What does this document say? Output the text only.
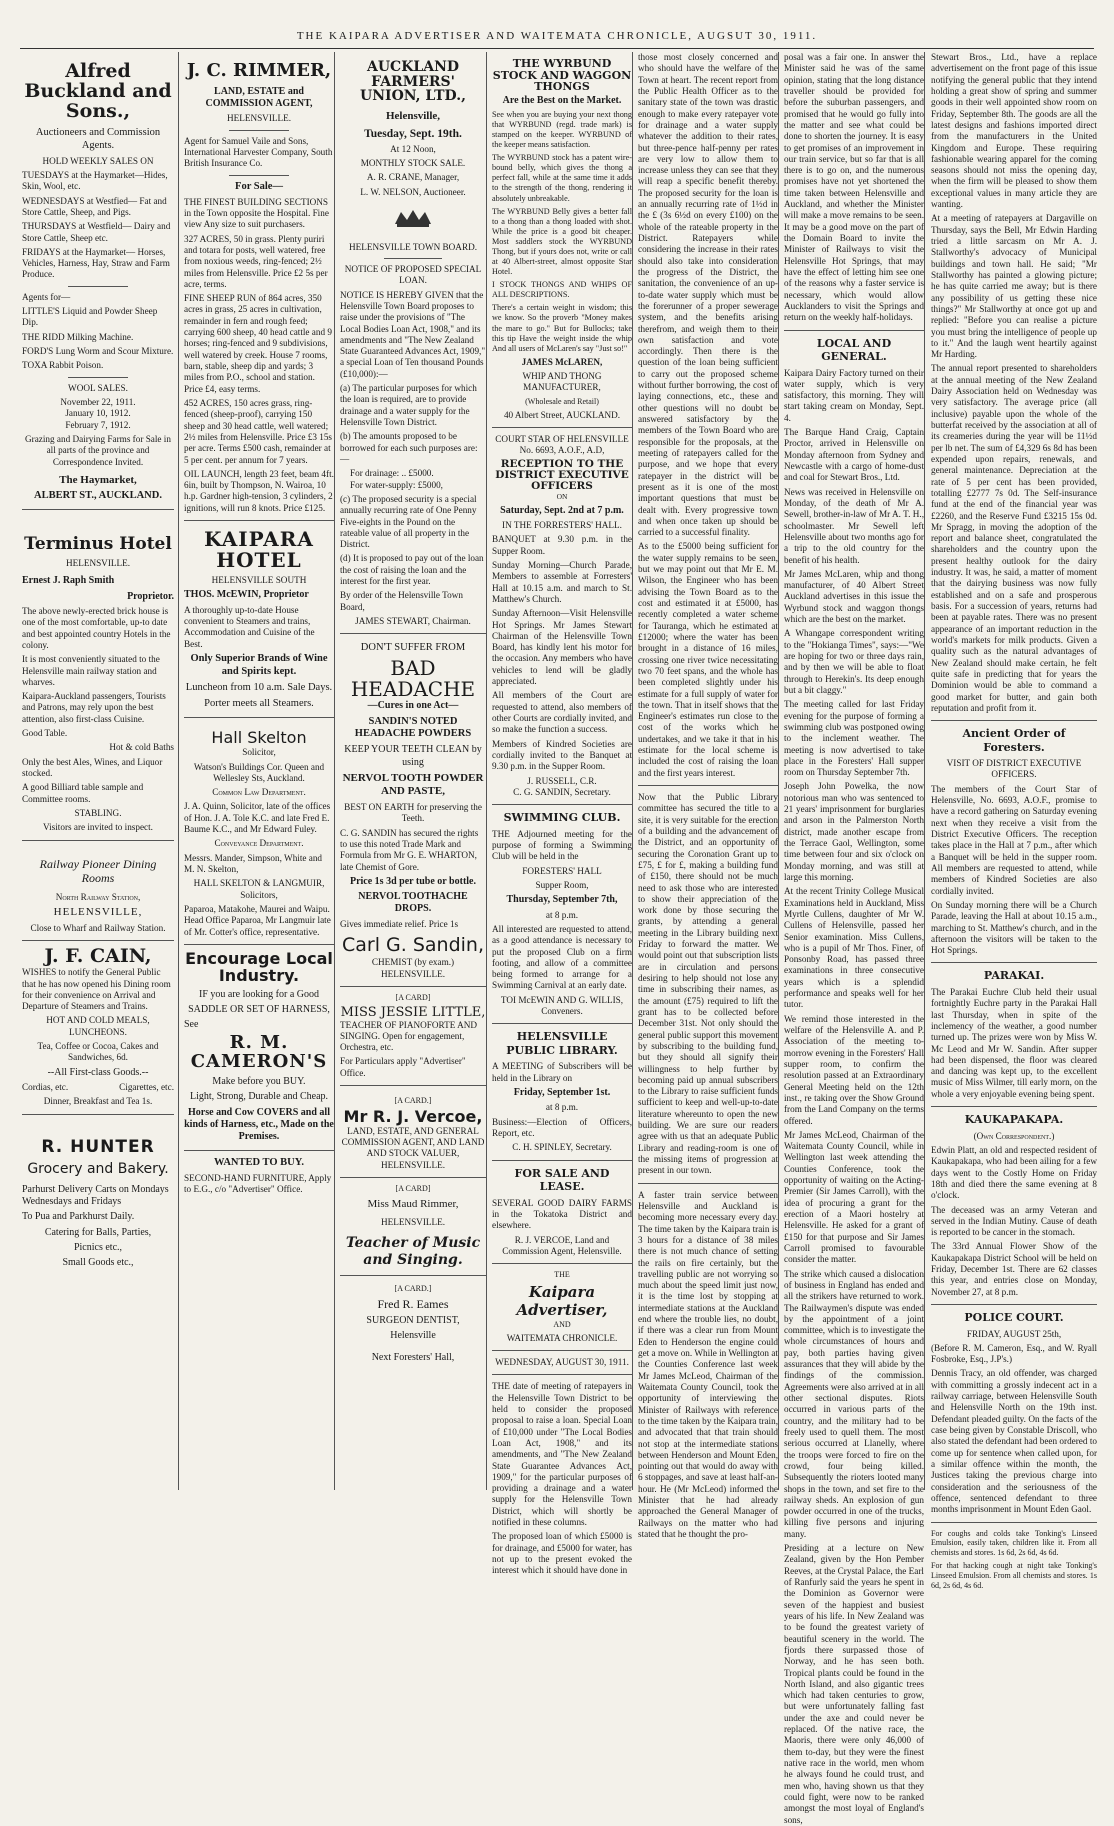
THE KAIPARA ADVERTISER AND WAITEMATA CHRONICLE, AUGSUT 30, 1911.
Alfred Buckland and Sons.,

Auctioneers and Commission Agents.

HOLD WEEKLY SALES ON

TUESDAYS at the Haymarket—Hides, Skin, Wool, etc.

WEDNESDAYS at Westfied— Fat and Store Cattle, Sheep, and Pigs.

THURSDAYS at Westfield— Dairy and Store Cattle, Sheep etc.

FRIDAYS at the Haymarket— Horses, Vehicles, Harness, Hay, Straw and Farm Produce.

Agents for—

LITTLE'S Liquid and Powder Sheep Dip.

THE RIDD Milking Machine.

FORD'S Lung Worm and Scour Mixture.

TOXA Rabbit Poison.

WOOL SALES.

November 22, 1911.

January 10, 1912.

February 7, 1912.

Grazing and Dairying Farms for Sale in all parts of the province and Correspondence Invited.

The Haymarket,

ALBERT ST., AUCKLAND.

Terminus Hotel

HELENSVILLE.

Ernest J. Raph Smith

Proprietor.

The above newly-erected brick house is one of the most comfortable, up-to date and best appointed country Hotels in the colony.

It is most conveniently situated to the Helensville main railway station and wharves.

Kaipara-Auckland passengers, Tourists and Patrons, may rely upon the best attention, also first-class Cuisine.

Good Table.

Hot & cold Baths

Only the best Ales, Wines, and Liquor stocked.

A good Billiard table sample and Committee rooms.

STABLING.

Visitors are invited to inspect.

Railway Pioneer Dining Rooms

North Railway Station,

HELENSVILLE,

Close to Wharf and Railway Station.

J. F. CAIN,

WISHES to notify the General Public that he has now opened his Dining room for their convenience on Arrival and Departure of Steamers and Trains.

HOT AND COLD MEALS, LUNCHEONS.

Tea, Coffee or Cocoa, Cakes and Sandwiches, 6d.

--All First-class Goods.--

Cordias, etc.	Cigarettes, etc.

Dinner, Breakfast and Tea 1s.

R. HUNTER
Grocery and Bakery.

Parhurst Delivery Carts on Mondays Wednesdays and Fridays

To Pua and Parkhurst Daily.

Catering for Balls, Parties,

Picnics etc.,

Small Goods etc.,

J. C. RIMMER,

LAND, ESTATE and COMMISSION AGENT,

HELENSVILLE.

Agent for Samuel Vaile and Sons, International Harvester Company, South British Insurance Co.

For Sale—

THE FINEST BUILDING SECTIONS in the Town opposite the Hospital. Fine view Any size to suit purchasers.

327 ACRES, 50 in grass. Plenty puriri and totara for posts, well watered, free from noxious weeds, ring-fenced; 2½ miles from Helensville. Price £2 5s per acre, terms.

FINE SHEEP RUN of 864 acres, 350 acres in grass, 25 acres in cultivation, remainder in fern and rough feed; carrying 600 sheep, 40 head cattle and 9 horses; ring-fenced and 9 subdivisions, well watered by creek. House 7 rooms, barn, stable, sheep dip and yards; 3 miles from P.O., school and station. Price £4, easy terms.

452 ACRES, 150 acres grass, ring-fenced (sheep-proof), carrying 150 sheep and 30 head cattle, well watered; 2½ miles from Helensville. Price £3 15s per acre. Terms £500 cash, remainder at 5 per cent. per annum for 7 years.

OIL LAUNCH, length 23 feet, beam 4ft. 6in, built by Thompson, N. Wairoa, 10 h.p. Gardner high-tension, 3 cylinders, 2 ignitions, will run 8 knots. Price £125.

KAIPARA HOTEL

HELENSVILLE SOUTH

THOS. McEWIN, Proprietor

A thoroughly up-to-date House convenient to Steamers and trains, Accommodation and Cuisine of the Best.

Only Superior Brands of Wine and Spirits kept.

Luncheon from 10 a.m. Sale Days.

Porter meets all Steamers.

Hall Skelton

Solicitor,

Watson's Buildings Cor. Queen and Wellesley Sts, Auckland.

Common Law Department.

J. A. Quinn, Solicitor, late of the offices of Hon. J. A. Tole K.C. and late Fred E. Baume K.C., and Mr Edward Fuley.

Conveyance Department.

Messrs. Mander, Simpson, White and M. N. Skelton,

HALL SKELTON & LANGMUIR, Solicitors,

Paparoa, Matakohe, Maurei and Waipu. Head Office Paparoa, Mr Langmuir late of Mr. Cotter's office, representative.

Encourage Local Industry.

IF you are looking for a Good

SADDLE OR SET OF HARNESS,

See

R. M. CAMERON'S

Make before you BUY.

Light, Strong, Durable and Cheap.

Horse and Cow COVERS and all kinds of Harness, etc., Made on the Premises.

WANTED TO BUY.

SECOND-HAND FURNITURE, Apply to E.G., c/o "Advertiser" Office.

AUCKLAND FARMERS' UNION, LTD.,

Helensville,

Tuesday, Sept. 19th.

At 12 Noon,

MONTHLY STOCK SALE.

A. R. CRANE, Manager,

L. W. NELSON, Auctioneer.

HELENSVILLE TOWN BOARD.

NOTICE OF PROPOSED SPECIAL LOAN.

NOTICE IS HEREBY GIVEN that the Helensville Town Board proposes to raise under the provisions of "The Local Bodies Loan Act, 1908," and its amendments and "The New Zealand State Guaranteed Advances Act, 1909," a special Loan of Ten thousand Pounds (£10,000):—

(a) The particular purposes for which the loan is required, are to provide drainage and a water supply for the Helensville Town District.

(b) The amounts proposed to be borrowed for each such purposes are:—

For drainage: .. £5000.

For water-supply: £5000,

(c) The proposed security is a special annually recurring rate of One Penny Five-eights in the Pound on the rateable value of all property in the District.

(d) It is proposed to pay out of the loan the cost of raising the loan and the interest for the first year.

By order of the Helensville Town Board,

JAMES STEWART, Chairman.

DON'T SUFFER FROM

BAD HEADACHE

—Cures in one Act—

SANDIN'S NOTED HEADACHE POWDERS

KEEP YOUR TEETH CLEAN by using

NERVOL TOOTH POWDER AND PASTE,

BEST ON EARTH for preserving the Teeth.

C. G. SANDIN has secured the rights to use this noted Trade Mark and Formula from Mr G. E. WHARTON, late Chemist of Gore.

Price 1s 3d per tube or bottle.

NERVOL TOOTHACHE DROPS.

Gives immediate relief. Price 1s

Carl G. Sandin,

CHEMIST (by exam.) HELENSVILLE.

[A CARD]

MISS JESSIE LITTLE,

TEACHER OF PIANOFORTE AND SINGING. Open for engagement, Orchestra, etc.

For Particulars apply "Advertiser" Office.

[A CARD.]

Mr R. J. Vercoe,

LAND, ESTATE, AND GENERAL COMMISSION AGENT, AND LAND AND STOCK VALUER, HELENSVILLE.

[A CARD]

Miss Maud Rimmer,

HELENSVILLE.

Teacher of Music and Singing.

[A CARD.]

Fred R. Eames

SURGEON DENTIST,

Helensville

Next Foresters' Hall,

THE WYRBUND STOCK AND WAGGON THONGS

Are the Best on the Market.

See when you are buying your next thong that WYRBUND (regd. trade mark) is stamped on the keeper. WYRBUND of the keeper means satisfaction.

The WYRBUND stock has a patent wire-bound belly, which gives the thong a perfect fall, while at the same time it adds to the strength of the thong, rendering it absolutely unbreakable.

The WYRBUND Belly gives a better fall to a thong than a thong loaded with shot. While the price is a good bit cheaper. Most saddlers stock the WYRBUND Thong, but if yours does not, write or call at 40 Albert-street, almost opposite Star Hotel.

I STOCK THONGS AND WHIPS OF ALL DESCRIPTIONS.

There's a certain weight in wisdom; this we know. So the proverb "Money makes the mare to go." But for Bullocks; take this tip Have the weight inside the whip And all users of McLaren's say "Just so!"

JAMES McLAREN,

WHIP AND THONG MANUFACTURER,

(Wholesale and Retail)

40 Albert Street, AUCKLAND.

COURT STAR OF HELENSVILLE No. 6693, A.O.F., A.D,

RECEPTION TO THE DISTRICT EXECUTIVE OFFICERS

ON

Saturday, Sept. 2nd at 7 p.m.

IN THE FORRESTERS' HALL.

BANQUET at 9.30 p.m. in the Supper Room.

Sunday Morning—Church Parade, Members to assemble at Forresters' Hall at 10.15 a.m. and march to St. Matthew's Church.

Sunday Afternoon—Visit Helensville Hot Springs. Mr James Stewart Chairman of the Helensville Town Board, has kindly lent his motor for the occasion. Any members who have vehicles to lend will be gladly appreciated.

All members of the Court are requested to attend, also members of other Courts are cordially invited, and so make the function a success.

Members of Kindred Societies are cordially invited to the Banquet at 9.30 p.m. in the Supper Room.

J. RUSSELL, C.R.

C. G. SANDIN, Secretary.

SWIMMING CLUB.

THE Adjourned meeting for the purpose of forming a Swimming Club will be held in the

FORESTERS' HALL

Supper Room,

Thursday, September 7th,

at 8 p.m.

All interested are requested to attend, as a good attendance is necessary to put the proposed Club on a firm footing, and allow of a committee being formed to arrange for a Swimming Carnival at an early date.

TOI McEWIN AND G. WILLIS, Conveners.

HELENSVILLE PUBLIC LIBRARY.

A MEETING of Subscribers will be held in the Library on

Friday, September 1st.

at 8 p.m.

Business:—Election of Officers, Report, etc.

C. H. SPINLEY, Secretary.

FOR SALE AND LEASE.

SEVERAL GOOD DAIRY FARMS in the Tokatoka District and elsewhere.

R. J. VERCOE, Land and Commission Agent, Helensville.

THE

Kaipara Advertiser,

AND

WAITEMATA CHRONICLE.

WEDNESDAY, AUGUST 30, 1911.

THE date of meeting of ratepayers in the Helensville Town District to be held to consider the proposed proposal to raise a loan. Special Loan of £10,000 under "The Local Bodies Loan Act, 1908," and its amendments, and "The New Zealand State Guarantee Advances Act, 1909," for the particular purposes of providing a drainage and a water supply for the Helensville Town District, which will shortly be notified in these columns.

The proposed loan of which £5000 is for drainage, and £5000 for water, has not up to the present evoked the interest which it should have done in

those most closely concerned and who should have the welfare of the Town at heart. The recent report from the Public Health Officer as to the sanitary state of the town was drastic enough to make every ratepayer vote for drainage and a water supply whatever the addition to their rates, but three-pence half-penny per rates are very low to allow them to increase unless they can see that they will reap a specific benefit thereby. The proposed security for the loan is an annually recurring rate of 1½d in the £ (3s 6½d on every £100) on the whole of the rateable property in the District. Ratepayers while considering the increase in their rates should also take into consideration the progress of the District, the sanitation, the convenience of an up-to-date water supply which must be the forerunner of a proper sewerage system, and the benefits arising therefrom, and weigh them to their own satisfaction and vote accordingly. Then there is the question of the loan being sufficient to carry out the proposed scheme without further borrowing, the cost of laying connections, etc., these and other questions will no doubt be answered satisfactory by the members of the Town Board who are responsible for the proposals, at the meeting of ratepayers called for the purpose, and we hope that every ratepayer in the district will be present as it is one of the most important questions that must be dealt with. Every progressive town and when once taken up should be carried to a successful finality.

As to the £5000 being sufficient for the water supply remains to be seen, but we may point out that Mr E. M. Wilson, the Engineer who has been advising the Town Board as to the cost and estimated it at £5000, has recently completed a water scheme for Tauranga, which he estimated at £12000; where the water has been brought in a distance of 16 miles, crossing one river twice necessitating two 70 feet spans, and the whole has been completed slightly under his estimate for a full supply of water for the town. That in itself shows that the Engineer's estimates run close to the cost of the works which he undertakes, and we take it that in his estimate for the local scheme is included the cost of raising the loan and the first years interest.

Now that the Public Library committee has secured the title to a site, it is very suitable for the erection of a building and the advancement of the District, and an opportunity of securing the Coronation Grant up to £75, £ for £, making a building fund of £150, there should not be much need to ask those who are interested to show their appreciation of the work done by those securing the grants, by attending a general meeting in the Library building next Friday to forward the matter. We would point out that subscription lists are in circulation and persons desiring to help should not lose any time in subscribing their names, as the amount (£75) required to lift the grant has to be collected before December 31st. Not only should the general public support this movement by subscribing to the building fund, but they should all signify their willingness to help further by becoming paid up annual subscribers to the Library to raise sufficient funds sufficient to keep and well-up-to-date literature whereunto to open the new building. We are sure our readers agree with us that an adequate Public Library and reading-room is one of the missing items of progression at present in our town.

A faster train service between Helensville and Auckland is becoming more necessary every day. The time taken by the Kaipara train is 3 hours for a distance of 38 miles there is not much chance of setting the rails on fire certainly, but the travelling public are not worrying so much about the speed limit just now, it is the time lost by stopping at intermediate stations at the Auckland end where the trouble lies, no doubt, if there was a clear run from Mount Eden to Henderson the engine could get a move on. While in Wellington at the Counties Conference last week Mr James McLeod, Chairman of the Waitemata County Council, took the opportunity of interviewing the Minister of Railways with reference to the time taken by the Kaipara train, and advocated that that train should not stop at the intermediate stations between Henderson and Mount Eden, pointing out that would do away with 6 stoppages, and save at least half-an-hour. He (Mr McLeod) informed the Minister that he had already approached the General Manager of Railways on the matter who had stated that he thought the pro-

posal was a fair one. In answer the Minister said he was of the same opinion, stating that the long distance traveller should be provided for before the suburban passengers, and promised that he would go fully into the matter and see what could be done to shorten the journey. It is easy to get promises of an improvement in our train service, but so far that is all there is to go on, and the numerous promises have not yet shortened the time taken between Helensville and Auckland, and whether the Minister will make a move remains to be seen. It may be a good move on the part of the Domain Board to invite the Minister of Railways to visit the Helensville Hot Springs, that may have the effect of letting him see one of the reasons why a faster service is necessary, which would allow Aucklanders to visit the Springs and return on the weekly half-holidays.

LOCAL AND GENERAL.

Kaipara Dairy Factory turned on their water supply, which is very satisfactory, this morning. They will start taking cream on Monday, Sept. 4.

The Barque Hand Craig, Captain Proctor, arrived in Helensville on Monday afternoon from Sydney and Newcastle with a cargo of home-dust and coal for Stewart Bros., Ltd.

News was received in Helensville on Monday, of the death of Mr A. Sewell, brother-in-law of Mr A. T. H., schoolmaster. Mr Sewell left Helensville about two months ago for a trip to the old country for the benefit of his health.

Mr James McLaren, whip and thong manufacturer, of 40 Albert Street Auckland advertises in this issue the Wyrbund stock and waggon thongs which are the best on the market.

A Whangape correspondent writing to the "Hokianga Times", says:—"We are hoping for two or three days rain, and by then we will be able to float through to Herekin's. Its deep enough but a bit claggy."

The meeting called for last Friday evening for the purpose of forming a swimming club was postponed owing to the inclement weather. The meeting is now advertised to take place in the Foresters' Hall supper room on Thursday September 7th.

Joseph John Powelka, the now notorious man who was sentenced to 21 years' imprisonment for burglaries and arson in the Palmerston North district, made another escape from the Terrace Gaol, Wellington, some time between four and six o'clock on Monday morning, and was still at large this morning.

At the recent Trinity College Musical Examinations held in Auckland, Miss Myrtle Cullens, daughter of Mr W. Cullens of Helensville, passed her Senior examination. Miss Cullens, who is a pupil of Mr Thos. Finer, of Ponsonby Road, has passed three examinations in three consecutive years which is a splendid performance and speaks well for her tutor.

We remind those interested in the welfare of the Helensville A. and P. Association of the meeting to-morrow evening in the Foresters' Hall supper room, to confirm the resolution passed at an Extraordinary General Meeting held on the 12th inst., re taking over the Show Ground from the Land Company on the terms offered.

Mr James McLeod, Chairman of the Waitemata County Council, while in Wellington last week attending the Counties Conference, took the opportunity of waiting on the Acting-Premier (Sir James Carroll), with the idea of procuring a grant for the erection of a Maori hostelry at Helensville. He asked for a grant of £150 for that purpose and Sir James Carroll promised to favourable consider the matter.

The strike which caused a dislocation of business in England has ended and all the strikers have returned to work. The Railwaymen's dispute was ended by the appointment of a joint committee, which is to investigate the whole circumstances of hours and pay, both parties having given assurances that they will abide by the findings of the commission. Agreements were also arrived at in all other sectional disputes. Riots occurred in various parts of the country, and the military had to be freely used to quell them. The most serious occurred at Llanelly, where the troops were forced to fire on the crowd, four being killed. Subsequently the rioters looted many shops in the town, and set fire to the railway sheds. An explosion of gun powder occurred in one of the trucks, killing five persons and injuring many.

Presiding at a lecture on New Zealand, given by the Hon Pember Reeves, at the Crystal Palace, the Earl of Ranfurly said the years he spent in the Dominion as Governor were seven of the happiest and busiest years of his life. In New Zealand was to be found the greatest variety of beautiful scenery in the world. The fjords there surpassed those of Norway, and he has seen both. Tropical plants could be found in the North Island, and also gigantic trees which had taken centuries to grow, but were unfortunately falling fast under the axe and could never be replaced. Of the native race, the Maoris, there were only 46,000 of them to-day, but they were the finest native race in the world, men whom he always found he could trust, and men who, having shown us that they could fight, were now to be ranked amongst the most loyal of England's sons,

Stewart Bros., Ltd., have a replace advertisement on the front page of this issue notifying the general public that they intend holding a great show of spring and summer goods in their well appointed show room on Friday, September 8th. The goods are all the latest designs and fashions imported direct from the manufacturers in the United Kingdom and Europe. These requiring fashionable wearing apparel for the coming seasons should not miss the opening day, when the firm will be pleased to show them exceptional values in many article they are wanting.

At a meeting of ratepayers at Dargaville on Thursday, says the Bell, Mr Edwin Harding tried a little sarcasm on Mr A. J. Stallworthy's advocacy of Municipal buildings and town hall. He said; "Mr Stallworthy has painted a glowing picture; he has quite carried me away; but is there any possibility of us getting these nice things?" Mr Stallworthy at once got up and replied: "Before you can realise a picture you must bring the intelligence of people up to it." And the laugh went heartily against Mr Harding.

The annual report presented to shareholders at the annual meeting of the New Zealand Dairy Association held on Wednesday was very satisfactory. The average price (all inclusive) payable upon the whole of the butterfat received by the association at all of its creameries during the year will be 11½d per lb net. The sum of £4,329 6s 8d has been expended upon repairs, renewals, and general maintenance. Depreciation at the rate of 5 per cent has been provided, totalling £2777 7s 0d. The Self-insurance fund at the end of the financial year was £2260, and the Reserve Fund £3215 15s 0d. Mr Spragg, in moving the adoption of the report and balance sheet, congratulated the shareholders and the country upon the present healthy outlook for the dairy industry. It was, he said, a matter of moment that the dairying business was now fully established and on a safe and prosperous basis. For a succession of years, returns had been at payable rates. There was no present appearance of an important reduction in the world's markets for milk products. Given a quality such as the natural advantages of New Zealand should make certain, he felt quite safe in predicting that for years the Dominion would be able to command a good market for butter, and gain both reputation and profit from it.

Ancient Order of Foresters.

VISIT OF DISTRICT EXECUTIVE OFFICERS.

The members of the Court Star of Helensville, No. 6693, A.O.F., promise to have a record gathering on Saturday evening next when they receive a visit from the District Executive Officers. The reception takes place in the Hall at 7 p.m., after which a Banquet will be held in the supper room. All members are requested to attend, while members of Kindred Societies are also cordially invited.

On Sunday morning there will be a Church Parade, leaving the Hall at about 10.15 a.m., marching to St. Matthew's church, and in the afternoon the visitors will be taken to the Hot Springs.

PARAKAI.

The Parakai Euchre Club held their usual fortnightly Euchre party in the Parakai Hall last Thursday, when in spite of the inclemency of the weather, a good number turned up. The prizes were won by Miss W. Mc Leod and Mr W. Sandin. After supper had been dispensed, the floor was cleared and dancing was kept up, to the excellent music of Miss Wilmer, till early morn, on the whole a very enjoyable evening being spent.

KAUKAPAKAPA.

(Own Correspondent.)

Edwin Platt, an old and respected resident of Kaukapakapa, who had been ailing for a few days went to the Costly Home on Friday 18th and died there the same evening at 8 o'clock.

The deceased was an army Veteran and served in the Indian Mutiny. Cause of death is reported to be cancer in the stomach.

The 33rd Annual Flower Show of the Kaukapakapa District School will be held on Friday, December 1st. There are 62 classes this year, and entries close on Monday, November 27, at 8 p.m.

POLICE COURT.

FRIDAY, AUGUST 25th,

(Before R. M. Cameron, Esq., and W. Ryall Fosbroke, Esq., J.P's.)

Dennis Tracy, an old offender, was charged with committing a grossly indecent act in a railway carriage, between Helensville South and Helensville North on the 19th inst. Defendant pleaded guilty. On the facts of the case being given by Constable Driscoll, who also stated the defendant had been ordered to come up for sentence when called upon, for a similar offence within the month, the Justices taking the previous charge into consideration and the seriousness of the offence, sentenced defendant to three months imprisonment in Mount Eden Gaol.

For coughs and colds take Tonking's Linseed Emulsion, easily taken, children like it. From all chemists and stores. 1s 6d, 2s 6d, 4s 6d.

For that hacking cough at night take Tonking's Linseed Emulsion. From all chemists and stores. 1s 6d, 2s 6d, 4s 6d.
